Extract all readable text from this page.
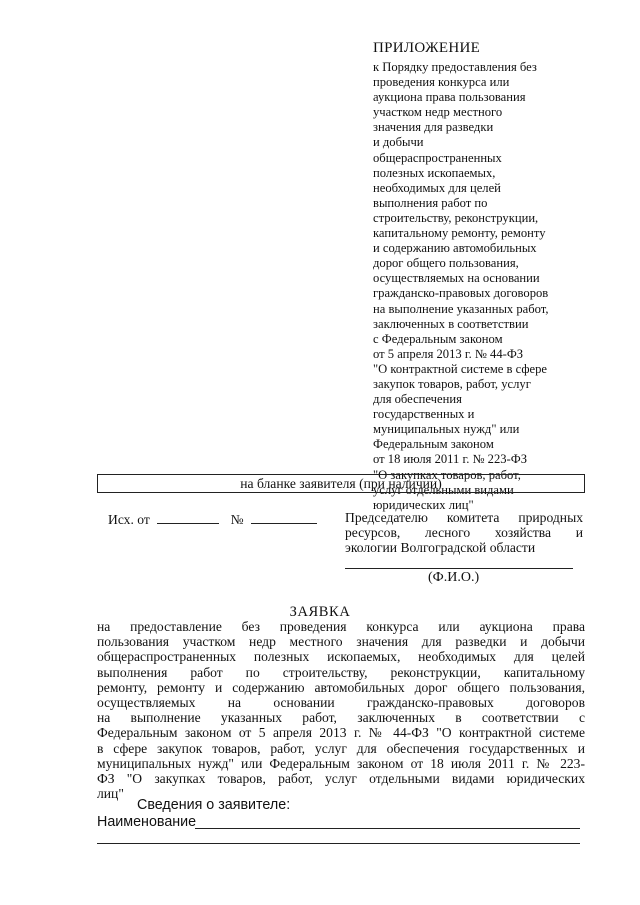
ПРИЛОЖЕНИЕ
к Порядку предоставления без
проведения конкурса или
аукциона права пользования
участком недр местного
значения для разведки
и добычи
общераспространенных
полезных ископаемых,
необходимых для целей
выполнения работ по
строительству, реконструкции,
капитальному ремонту, ремонту
и содержанию автомобильных
дорог общего пользования,
осуществляемых на основании
гражданско-правовых договоров
на выполнение указанных работ,
заключенных в соответствии
с Федеральным законом
от 5 апреля 2013 г. № 44-ФЗ
"О контрактной системе в сфере
закупок товаров, работ, услуг
для обеспечения
государственных и
муниципальных нужд" или
Федеральным законом
от 18 июля 2011 г. № 223-ФЗ
"О закупках товаров, работ,
услуг отдельными видами
юридических лиц"
на бланке заявителя (при наличии)
Исх. от	№	Председателю комитета природных
ресурсов, лесного хозяйства и
экологии Волгоградской области
(Ф.И.О.)
ЗАЯВКА
на предоставление без проведения конкурса или аукциона права
пользования участком недр местного значения для разведки и добычи
общераспространенных полезных ископаемых, необходимых для целей
выполнения работ по строительству, реконструкции, капитальному
ремонту, ремонту и содержанию автомобильных дорог общего пользования,
осуществляемых на основании гражданско-правовых договоров
на выполнение указанных работ, заключенных в соответствии с
Федеральным законом от 5 апреля 2013 г. № 44-ФЗ "О контрактной системе
в сфере закупок товаров, работ, услуг для обеспечения государственных и
муниципальных нужд" или Федеральным законом от 18 июля 2011 г. № 223-
ФЗ "О закупках товаров, работ, услуг отдельными видами юридических
лиц"
Сведения о заявителе:
Наименование
